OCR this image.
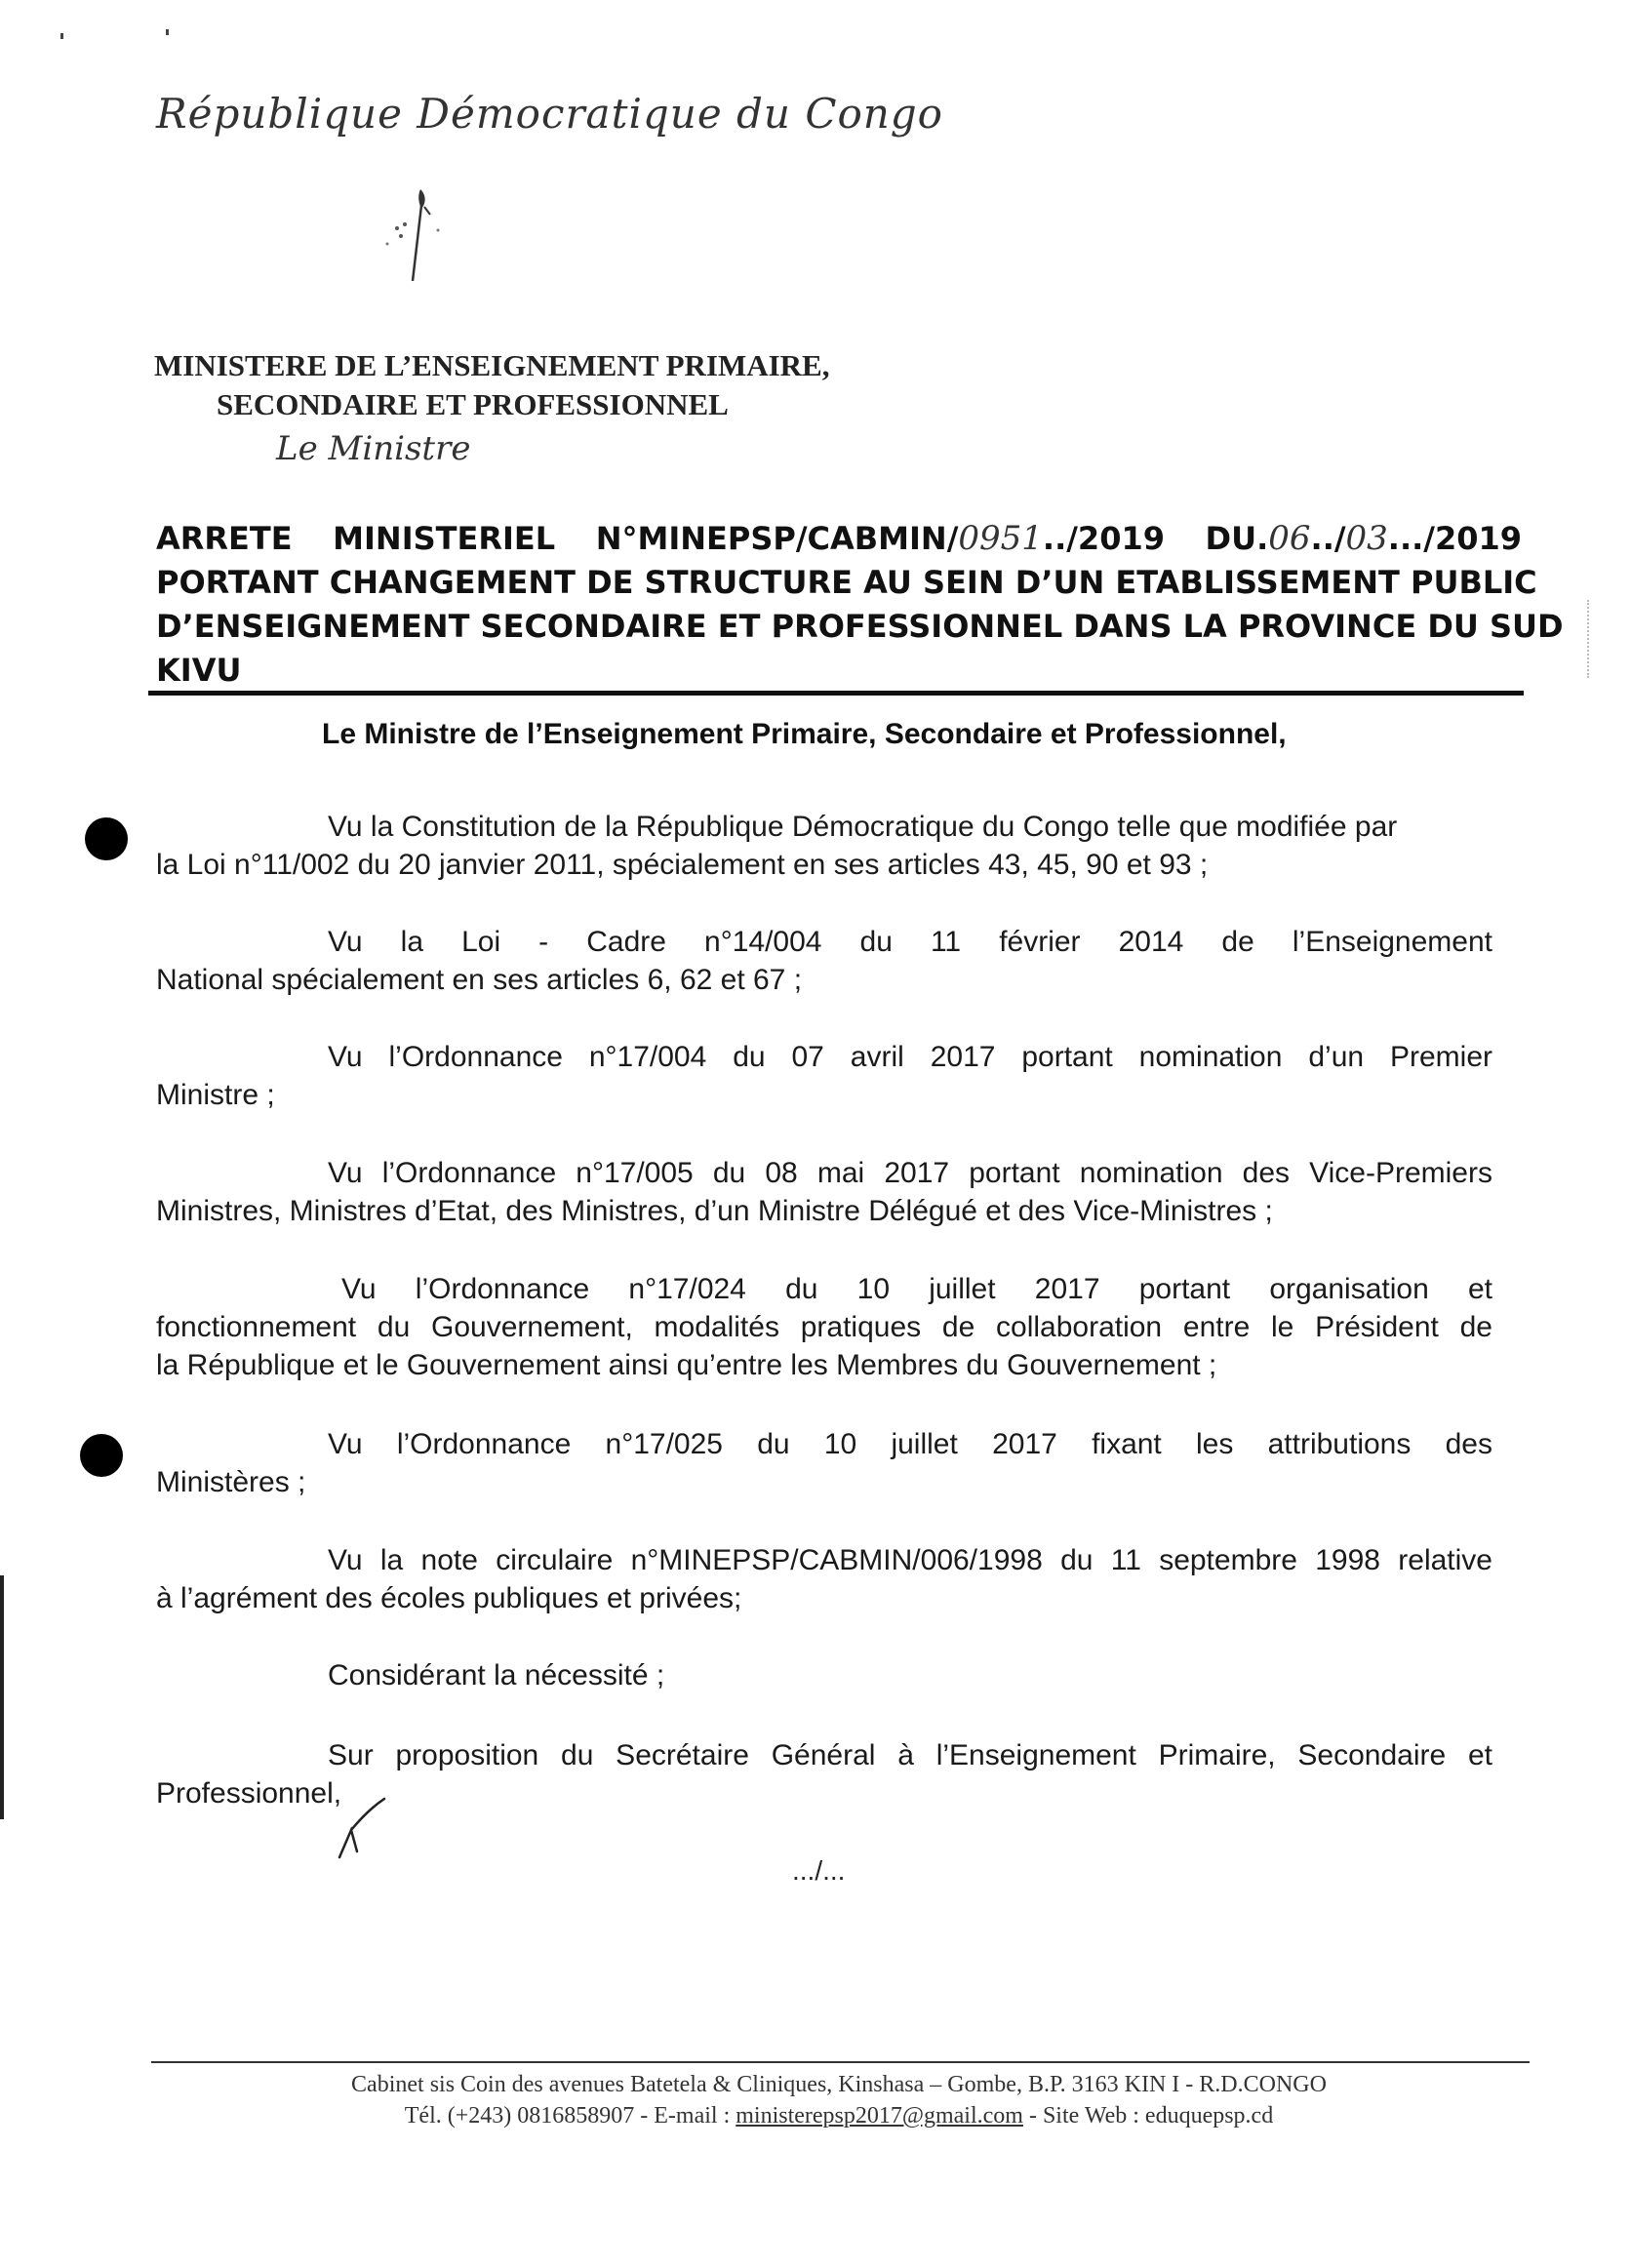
République Démocratique du Congo
MINISTERE DE L’ENSEIGNEMENT PRIMAIRE,
SECONDAIRE ET PROFESSIONNEL
Le Ministre
ARRETE MINISTERIEL N°MINEPSP/CABMIN/0951../2019 DU.06../03.../2019
PORTANT CHANGEMENT DE STRUCTURE AU SEIN D’UN ETABLISSEMENT PUBLIC
D’ENSEIGNEMENT SECONDAIRE ET PROFESSIONNEL DANS LA PROVINCE DU SUD
KIVU
Le Ministre de l’Enseignement Primaire, Secondaire et Professionnel,
Vu la Constitution de la République Démocratique du Congo telle que modifiée par
la Loi n°11/002 du 20 janvier 2011, spécialement en ses articles 43, 45, 90 et 93 ;
Vu la Loi - Cadre n°14/004 du 11 février 2014 de l’Enseignement
National spécialement en ses articles 6, 62 et 67 ;
Vu l’Ordonnance n°17/004 du 07 avril 2017 portant nomination d’un Premier
Ministre ;
Vu l’Ordonnance n°17/005 du 08 mai 2017 portant nomination des Vice-Premiers
Ministres, Ministres d’Etat, des Ministres, d’un Ministre Délégué et des Vice-Ministres ;
Vu l’Ordonnance n°17/024 du 10 juillet 2017 portant organisation et
fonctionnement du Gouvernement, modalités pratiques de collaboration entre le Président de
la République et le Gouvernement ainsi qu’entre les Membres du Gouvernement ;
Vu l’Ordonnance n°17/025 du 10 juillet 2017 fixant les attributions des
Ministères ;
Vu la note circulaire n°MINEPSP/CABMIN/006/1998 du 11 septembre 1998 relative
à l’agrément des écoles publiques et privées;
Considérant la nécessité ;
Sur proposition du Secrétaire Général à l’Enseignement Primaire, Secondaire et
Professionnel,
.../...
Cabinet sis Coin des avenues Batetela & Cliniques, Kinshasa – Gombe, B.P. 3163 KIN I - R.D.CONGO
Tél. (+243) 0816858907 - E-mail : ministerepsp2017@gmail.com - Site Web : eduquepsp.cd
